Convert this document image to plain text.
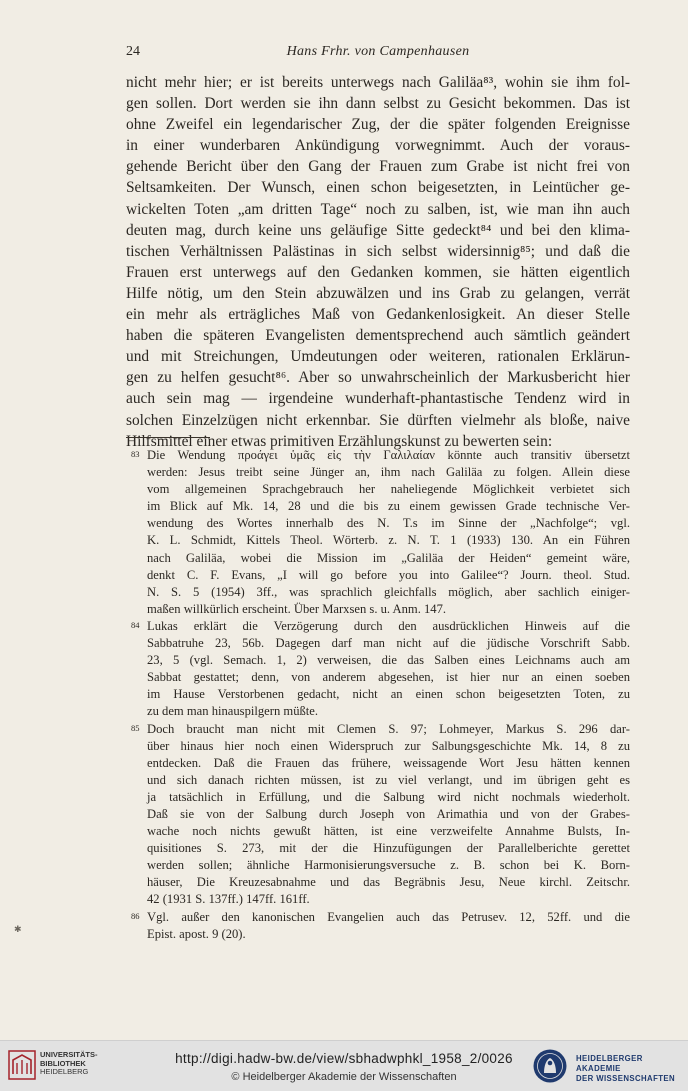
24	Hans Frhr. von Campenhausen
nicht mehr hier; er ist bereits unterwegs nach Galiläa⁸³, wohin sie ihm fol-
gen sollen. Dort werden sie ihn dann selbst zu Gesicht bekommen. Das ist
ohne Zweifel ein legendarischer Zug, der die später folgenden Ereignisse
in einer wunderbaren Ankündigung vorwegnimmt. Auch der voraus-
gehende Bericht über den Gang der Frauen zum Grabe ist nicht frei von
Seltsamkeiten. Der Wunsch, einen schon beigesetzten, in Leintücher ge-
wickelten Toten „am dritten Tage“ noch zu salben, ist, wie man ihn auch
deuten mag, durch keine uns geläufige Sitte gedeckt⁸⁴ und bei den klima-
tischen Verhältnissen Palästinas in sich selbst widersinnig⁸⁵; und daß die
Frauen erst unterwegs auf den Gedanken kommen, sie hätten eigentlich
Hilfe nötig, um den Stein abzuwälzen und ins Grab zu gelangen, verrät
ein mehr als erträgliches Maß von Gedankenlosigkeit. An dieser Stelle
haben die späteren Evangelisten dementsprechend auch sämtlich geändert
und mit Streichungen, Umdeutungen oder weiteren, rationalen Erklärun-
gen zu helfen gesucht⁸⁶. Aber so unwahrscheinlich der Markusbericht hier
auch sein mag — irgendeine wunderhaft-phantastische Tendenz wird in
solchen Einzelzügen nicht erkennbar. Sie dürften vielmehr als bloße, naive
Hilfsmittel einer etwas primitiven Erzählungskunst zu bewerten sein:
83 Die Wendung προάγει ὑμᾶς εἰς τὴν Γαλιλαίαν könnte auch transitiv übersetzt
werden: Jesus treibt seine Jünger an, ihm nach Galiläa zu folgen. Allein diese
vom allgemeinen Sprachgebrauch her naheliegende Möglichkeit verbietet sich
im Blick auf Mk. 14, 28 und die bis zu einem gewissen Grade technische Ver-
wendung des Wortes innerhalb des N. T.s im Sinne der „Nachfolge“; vgl.
K. L. Schmidt, Kittels Theol. Wörterb. z. N. T. 1 (1933) 130. An ein Führen
nach Galiläa, wobei die Mission im „Galiläa der Heiden“ gemeint wäre,
denkt C. F. Evans, „I will go before you into Galilee“? Journ. theol. Stud.
N. S. 5 (1954) 3ff., was sprachlich gleichfalls möglich, aber sachlich einiger-
maßen willkürlich erscheint. Über Marxsen s. u. Anm. 147.
84 Lukas erklärt die Verzögerung durch den ausdrücklichen Hinweis auf die
Sabbatruhe 23, 56b. Dagegen darf man nicht auf die jüdische Vorschrift Sabb.
23, 5 (vgl. Semach. 1, 2) verweisen, die das Salben eines Leichnams auch am
Sabbat gestattet; denn, von anderem abgesehen, ist hier nur an einen soeben
im Hause Verstorbenen gedacht, nicht an einen schon beigesetzten Toten, zu
zu dem man hinauspilgern müßte.
85 Doch braucht man nicht mit Clemen S. 97; Lohmeyer, Markus S. 296 dar-
über hinaus hier noch einen Widerspruch zur Salbungsgeschichte Mk. 14, 8 zu
entdecken. Daß die Frauen das frühere, weissagende Wort Jesu hätten kennen
und sich danach richten müssen, ist zu viel verlangt, und im übrigen geht es
ja tatsächlich in Erfüllung, und die Salbung wird nicht nochmals wiederholt.
Daß sie von der Salbung durch Joseph von Arimathia und von der Grabes-
wache noch nichts gewußt hätten, ist eine verzweifelte Annahme Bulsts, In-
quisitiones S. 273, mit der die Hinzufügungen der Parallelberichte gerettet
werden sollen; ähnliche Harmonisierungsversuche z. B. schon bei K. Born-
häuser, Die Kreuzesabnahme und das Begräbnis Jesu, Neue kirchl. Zeitschr.
42 (1931 S. 137ff.) 147ff. 161ff.
86 Vgl. außer den kanonischen Evangelien auch das Petrusev. 12, 52ff. und die
Epist. apost. 9 (20).
✱
UNIVERSITÄTS-
BIBLIOTHEK
HEIDELBERG
http://digi.hadw-bw.de/view/sbhadwphkl_1958_2/0026
© Heidelberger Akademie der Wissenschaften
HEIDELBERGER AKADEMIE
DER WISSENSCHAFTEN
